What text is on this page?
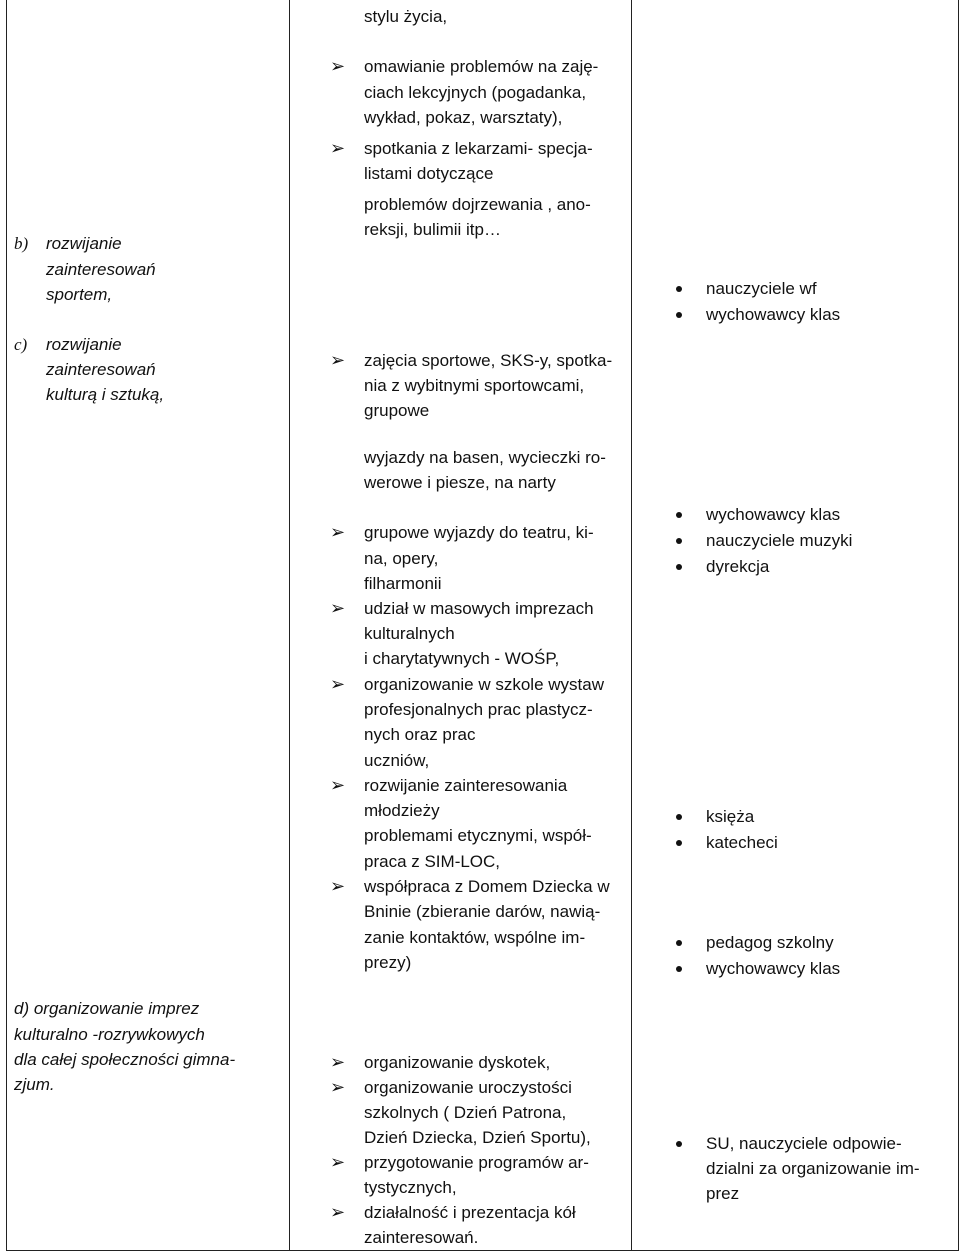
b) rozwijanie
zainteresowań
sportem,
c) rozwijanie
zainteresowań
kulturą i sztuką,
d) organizowanie imprez
kulturalno -rozrywkowych
dla całej społeczności gimna-
zjum.
stylu życia,
➢ omawianie problemów na zaję-
ciach lekcyjnych (pogadanka,
wykład, pokaz, warsztaty),
➢ spotkania z lekarzami- specja-
listami dotyczące
problemów dojrzewania , ano-
reksji, bulimii itp…
➢ zajęcia sportowe, SKS-y, spotka-
nia z wybitnymi sportowcami,
grupowe
wyjazdy na basen, wycieczki ro-
werowe i piesze, na narty
➢ grupowe wyjazdy do teatru, ki-
na, opery,
filharmonii
➢ udział w masowych imprezach
kulturalnych
i charytatywnych - WOŚP,
➢ organizowanie w szkole wystaw
profesjonalnych prac plastycz-
nych oraz prac
uczniów,
➢ rozwijanie zainteresowania
młodzieży
problemami etycznymi, współ-
praca z SIM-LOC,
➢ współpraca z Domem Dziecka w
Bninie (zbieranie darów, nawią-
zanie kontaktów, wspólne im-
prezy)
➢ organizowanie dyskotek,
➢ organizowanie uroczystości
szkolnych ( Dzień Patrona,
Dzień Dziecka, Dzień Sportu),
➢ przygotowanie programów ar-
tystycznych,
➢ działalność i prezentacja kół
zainteresowań.
nauczyciele wf
wychowawcy klas
wychowawcy klas
nauczyciele muzyki
dyrekcja
księża
katecheci
pedagog szkolny
wychowawcy klas
SU, nauczyciele odpowie-
dzialni za organizowanie im-
prez
